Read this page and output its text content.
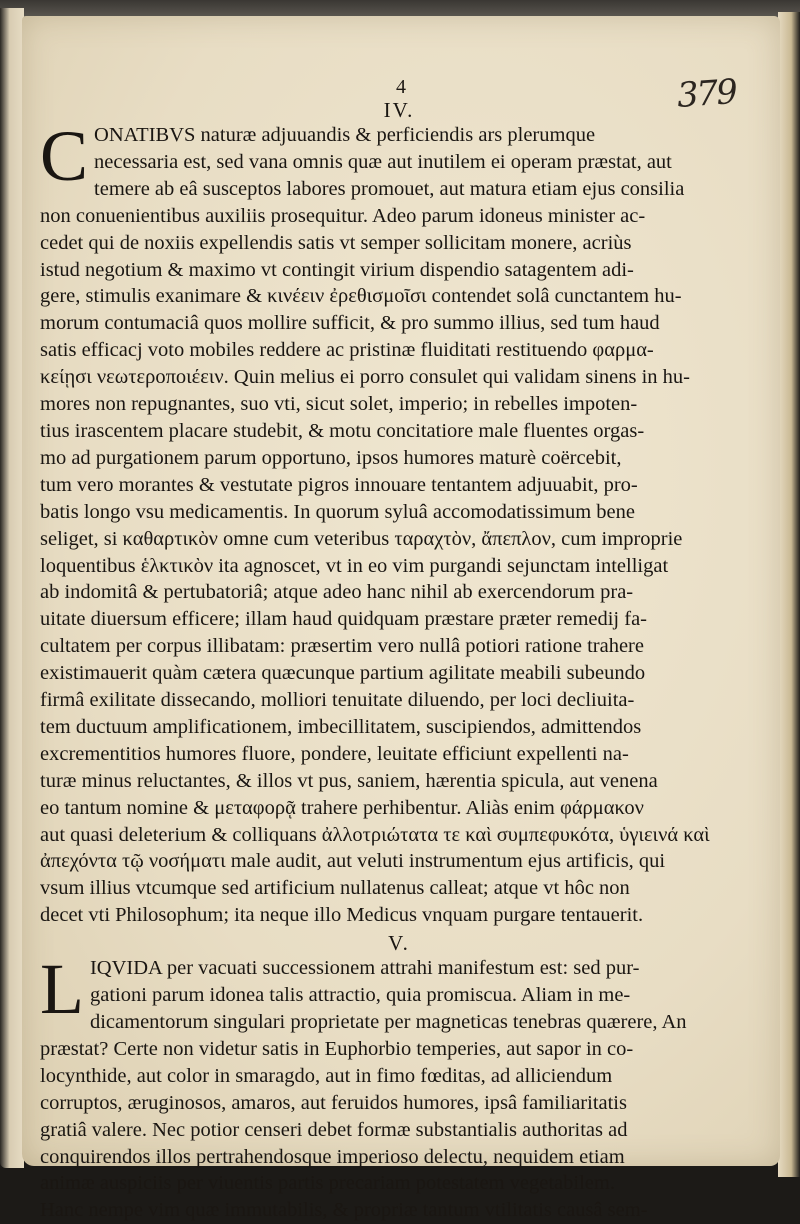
379
4
IV.
C ONATIBVS naturæ adjuuandis & perficiendis ars plerumque

necessaria est, sed vana omnis quæ aut inutilem ei operam præstat, aut

temere ab eâ susceptos labores promouet, aut matura etiam ejus consilia

non conuenientibus auxiliis prosequitur. Adeo parum idoneus minister ac-

cedet qui de noxiis expellendis satis vt semper sollicitam monere, acriùs

istud negotium & maximo vt contingit virium dispendio satagentem adi-

gere, stimulis exanimare & κινέειν ἐρεθισμοῖσι contendet solâ cunctantem hu-

morum contumaciâ quos mollire sufficit, & pro summo illius, sed tum haud

satis efficacj voto mobiles reddere ac pristinæ fluiditati restituendo φαρμα-

κείῃσι νεωτεροποιέειν. Quin melius ei porro consulet qui validam sinens in hu-

mores non repugnantes, suo vti, sicut solet, imperio; in rebelles impoten-

tius irascentem placare studebit, & motu concitatiore male fluentes orgas-

mo ad purgationem parum opportuno, ipsos humores maturè coërcebit,

tum vero morantes & vestutate pigros innouare tentantem adjuuabit, pro-

batis longo vsu medicamentis. In quorum syluâ accomodatissimum bene

seliget, si καθαρτικὸν omne cum veteribus ταραχτὸν, ἄπεπλον, cum improprie

loquentibus ἑλκτικὸν ita agnoscet, vt in eo vim purgandi sejunctam intelligat

ab indomitâ & pertubatoriâ; atque adeo hanc nihil ab exercendorum pra-

uitate diuersum efficere; illam haud quidquam præstare præter remedij fa-

cultatem per corpus illibatam: præsertim vero nullâ potiori ratione trahere

existimauerit quàm cætera quæcunque partium agilitate meabili subeundo

firmâ exilitate dissecando, molliori tenuitate diluendo, per loci decliuita-

tem ductuum amplificationem, imbecillitatem, suscipiendos, admittendos

excrementitios humores fluore, pondere, leuitate efficiunt expellenti na-

turæ minus reluctantes, & illos vt pus, saniem, hærentia spicula, aut venena

eo tantum nomine & μεταφορᾷ trahere perhibentur. Aliàs enim φάρμακον

aut quasi deleterium & colliquans ἀλλοτριώτατα τε καὶ συμπεφυκότα, ὑγιεινά καὶ

ἀπεχόντα τῷ νοσήματι male audit, aut veluti instrumentum ejus artificis, qui

vsum illius vtcumque sed artificium nullatenus calleat; atque vt hôc non

decet vti Philosophum; ita neque illo Medicus vnquam purgare tentauerit.

V.
L IQVIDA per vacuati successionem attrahi manifestum est: sed pur-

gationi parum idonea talis attractio, quia promiscua. Aliam in me-

dicamentorum singulari proprietate per magneticas tenebras quærere, An

præstat? Certe non videtur satis in Euphorbio temperies, aut sapor in co-

locynthide, aut color in smaragdo, aut in fimo fœditas, ad alliciendum

corruptos, æruginosos, amaros, aut feruidos humores, ipsâ familiaritatis

gratiâ valere. Nec potior censeri debet formæ substantialis authoritas ad

conquirendos illos pertrahendosque imperioso delectu, nequidem etiam

animæ auspiciis per viuentis partis precariam potestatem vegetabilem.

Hanc nempe vim quæ immutabilis, & propriæ tantum vtilitatis causâ sem-
